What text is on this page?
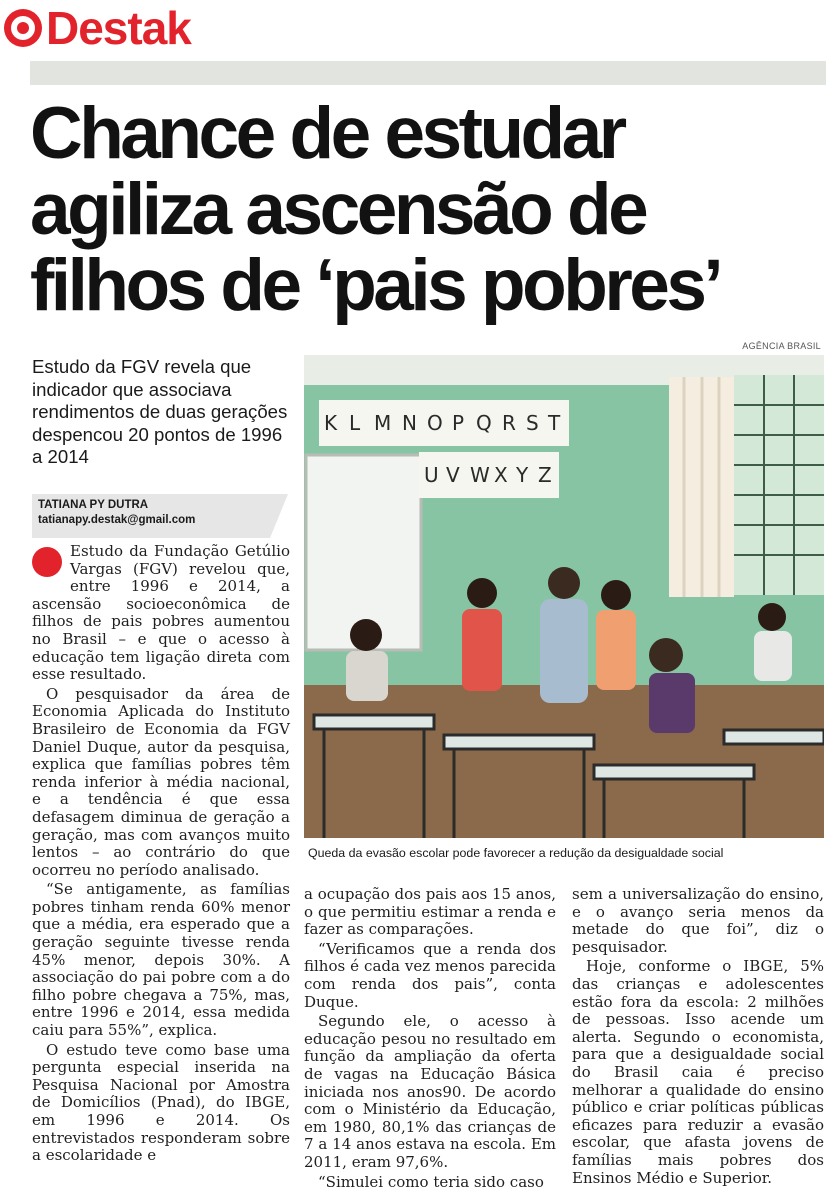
Destak
Chance de estudar
agiliza ascensão de
filhos de ‘pais pobres’
AGÊNCIA BRASIL

Estudo da FGV revela que indicador que associava rendimentos de duas gerações despencou 20 pontos de 1996 a 2014

TATIANA PY DUTRA
tatianapy.destak@gmail.com
K L M N O P Q R S T
U V W X Y Z
Queda da evasão escolar pode favorecer a redução da desigualdade social

Estudo da Fundação Getúlio Vargas (FGV) revelou que, entre 1996 e 2014, a ascensão socioeconômica de filhos de pais pobres aumentou no Brasil – e que o acesso à educação tem ligação direta com esse resultado.

O pesquisador da área de Economia Aplicada do Instituto Brasileiro de Economia da FGV Daniel Duque, autor da pesquisa, explica que famílias pobres têm renda inferior à média nacional, e a tendência é que essa defasagem diminua de geração a geração, mas com avanços muito lentos – ao contrário do que ocorreu no período analisado.

“Se antigamente, as famílias pobres tinham renda 60% menor que a média, era esperado que a geração seguinte tivesse renda 45% menor, depois 30%. A associação do pai pobre com a do filho pobre chegava a 75%, mas, entre 1996 e 2014, essa medida caiu para 55%”, explica.

O estudo teve como base uma pergunta especial inserida na Pesquisa Nacional por Amostra de Domicílios (Pnad), do IBGE, em 1996 e 2014. Os entrevistados responderam sobre a escolaridade e

a ocupação dos pais aos 15 anos, o que permitiu estimar a renda e fazer as comparações.

“Verificamos que a renda dos filhos é cada vez menos parecida com renda dos pais”, conta Duque.

Segundo ele, o acesso à educação pesou no resultado em função da ampliação da oferta de vagas na Educação Básica iniciada nos anos90. De acordo com o Ministério da Educação, em 1980, 80,1% das crianças de 7 a 14 anos estava na escola. Em 2011, eram 97,6%.

“Simulei como teria sido caso

sem a universalização do ensino, e o avanço seria menos da metade do que foi”, diz o pesquisador.

Hoje, conforme o IBGE, 5% das crianças e adolescentes estão fora da escola: 2 milhões de pessoas. Isso acende um alerta. Segundo o economista, para que a desigualdade social do Brasil caia é preciso melhorar a qualidade do ensino público e criar políticas públicas eficazes para reduzir a evasão escolar, que afasta jovens de famílias mais pobres dos Ensinos Médio e Superior.
